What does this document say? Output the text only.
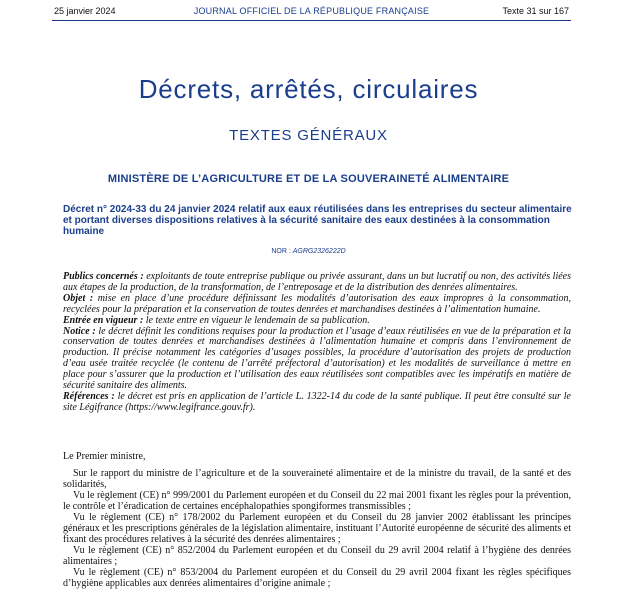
25 janvier 2024	JOURNAL OFFICIEL DE LA RÉPUBLIQUE FRANÇAISE	Texte 31 sur 167
Décrets, arrêtés, circulaires
TEXTES GÉNÉRAUX
MINISTÈRE DE L’AGRICULTURE ET DE LA SOUVERAINETÉ ALIMENTAIRE
Décret n° 2024-33 du 24 janvier 2024 relatif aux eaux réutilisées dans les entreprises du secteur alimentaire et portant diverses dispositions relatives à la sécurité sanitaire des eaux destinées à la consommation humaine
NOR : AGRG2326222D

Publics concernés : exploitants de toute entreprise publique ou privée assurant, dans un but lucratif ou non, des activités liées aux étapes de la production, de la transformation, de l’entreposage et de la distribution des denrées alimentaires.

Objet : mise en place d’une procédure définissant les modalités d’autorisation des eaux impropres à la consommation, recyclées pour la préparation et la conservation de toutes denrées et marchandises destinées à l’alimentation humaine.

Entrée en vigueur : le texte entre en vigueur le lendemain de sa publication.

Notice : le décret définit les conditions requises pour la production et l’usage d’eaux réutilisées en vue de la préparation et la conservation de toutes denrées et marchandises destinées à l’alimentation humaine et compris dans l’environnement de production. Il précise notamment les catégories d’usages possibles, la procédure d’autorisation des projets de production d’eau usée traitée recyclée (le contenu de l’arrêté préfectoral d’autorisation) et les modalités de surveillance à mettre en place pour s’assurer que la production et l’utilisation des eaux réutilisées sont compatibles avec les impératifs en matière de sécurité sanitaire des aliments.

Références : le décret est pris en application de l’article L. 1322-14 du code de la santé publique. Il peut être consulté sur le site Légifrance (https://www.legifrance.gouv.fr).

Le Premier ministre,

Sur le rapport du ministre de l’agriculture et de la souveraineté alimentaire et de la ministre du travail, de la santé et des solidarités,

Vu le règlement (CE) n° 999/2001 du Parlement européen et du Conseil du 22 mai 2001 fixant les règles pour la prévention, le contrôle et l’éradication de certaines encéphalopathies spongiformes transmissibles ;

Vu le règlement (CE) n° 178/2002 du Parlement européen et du Conseil du 28 janvier 2002 établissant les principes généraux et les prescriptions générales de la législation alimentaire, instituant l’Autorité européenne de sécurité des aliments et fixant des procédures relatives à la sécurité des denrées alimentaires ;

Vu le règlement (CE) n° 852/2004 du Parlement européen et du Conseil du 29 avril 2004 relatif à l’hygiène des denrées alimentaires ;

Vu le règlement (CE) n° 853/2004 du Parlement européen et du Conseil du 29 avril 2004 fixant les règles spécifiques d’hygiène applicables aux denrées alimentaires d’origine animale ;
